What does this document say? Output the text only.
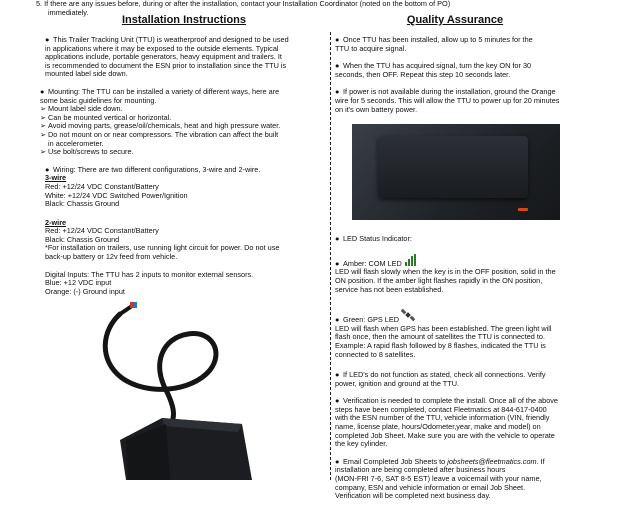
5. If there are any issues before, during or after the installation, contact your Installation Coordinator (noted on the bottom of PO)
immediately.
Installation Instructions

● This Trailer Tracking Unit (TTU) is weatherproof and designed to be used
in applications where it may be exposed to the outside elements. Typical
applications include, portable generators, heavy equipment and trailers. It
is recommended to document the ESN prior to installation since the TTU is
mounted label side down.

● Mounting: The TTU can be installed a variety of different ways, here are
some basic guidelines for mounting.
➢ Mount label side down.
➢ Can be mounted vertical or horizontal.
➢ Avoid moving parts, grease/oil/chemicals, heat and high pressure water.
➢ Do not mount on or near compressors. The vibration can affect the built
in accelerometer.
➢ Use bolt/screws to secure.

● Wiring: There are two different configurations, 3-wire and 2-wire.
3-wire
Red: +12/24 VDC Constant/Battery
White: +12/24 VDC Switched Power/Ignition
Black: Chassis Ground

2-wire
Red: +12/24 VDC Constant/Battery
Black: Chassis Ground
*For installation on trailers, use running light circuit for power. Do not use
back-up battery or 12v feed from vehicle.

Digital Inputs: The TTU has 2 inputs to monitor external sensors.
Blue: +12 VDC input
Orange: (-) Ground input

Quality Assurance

● Once TTU has been installed, allow up to 5 minutes for the
TTU to acquire signal.

● When the TTU has acquired signal, turn the key ON for 30
seconds, then OFF. Repeat this step 10 seconds later.

● If power is not available during the installation, ground the Orange
wire for 5 seconds. This will allow the TTU to power up for 20 minutes
on it's own battery power.

● LED Status Indicator:

● Amber: COM LED
LED will flash slowly when the key is in the OFF position, solid in the
ON position. If the amber light flashes rapidly in the ON position,
service has not been established.

● Green: GPS LED
LED will flash when GPS has been established. The green light will
flash once, then the amount of satellites the TTU is connected to.
Example: A rapid flash followed by 8 flashes, indicated the TTU is
connected to 8 satellites.

● If LED's do not function as stated, check all connections. Verify
power, ignition and ground at the TTU.

● Verification is needed to complete the install. Once all of the above
steps have been completed, contact Fleetmatics at 844-617-0400
with the ESN number of the TTU, vehicle information (VIN, friendly
name, license plate, hours/Odometer,year, make and model) on
completed Job Sheet. Make sure you are with the vehicle to operate
the key cylinder.

● Email Completed Job Sheets to jobsheets@fleetmatics.com. If
installation are being completed after business hours
(MON-FRI 7-6, SAT 8-5 EST) leave a voicemail with your name,
company, ESN and vehicle information or email Job Sheet.
Verification will be completed next business day.
